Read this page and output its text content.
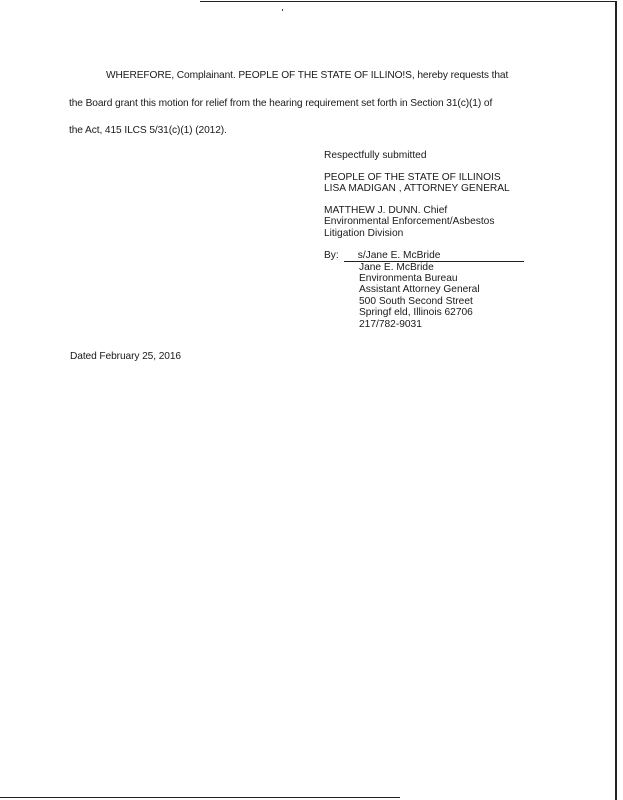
WHEREFORE, Complainant. PEOPLE OF THE STATE OF ILLINO!S, hereby requests that
the Board grant this motion for relief from the hearing requirement set forth in Section 31(c)(1) of
the Act, 415 ILCS 5/31(c)(1) (2012).
Respectfully submitted
PEOPLE OF THE STATE OF ILLINOIS
LISA MADIGAN , ATTORNEY GENERAL
MATTHEW J. DUNN. Chief
Environmental Enforcement/Asbestos
Litigation Division
By:	s/Jane E. McBride
Jane E. McBride
Environmenta Bureau
Assistant Attorney General
500 South Second Street
Springf eld, Illinois 62706
217/782-9031
Dated February 25, 2016
